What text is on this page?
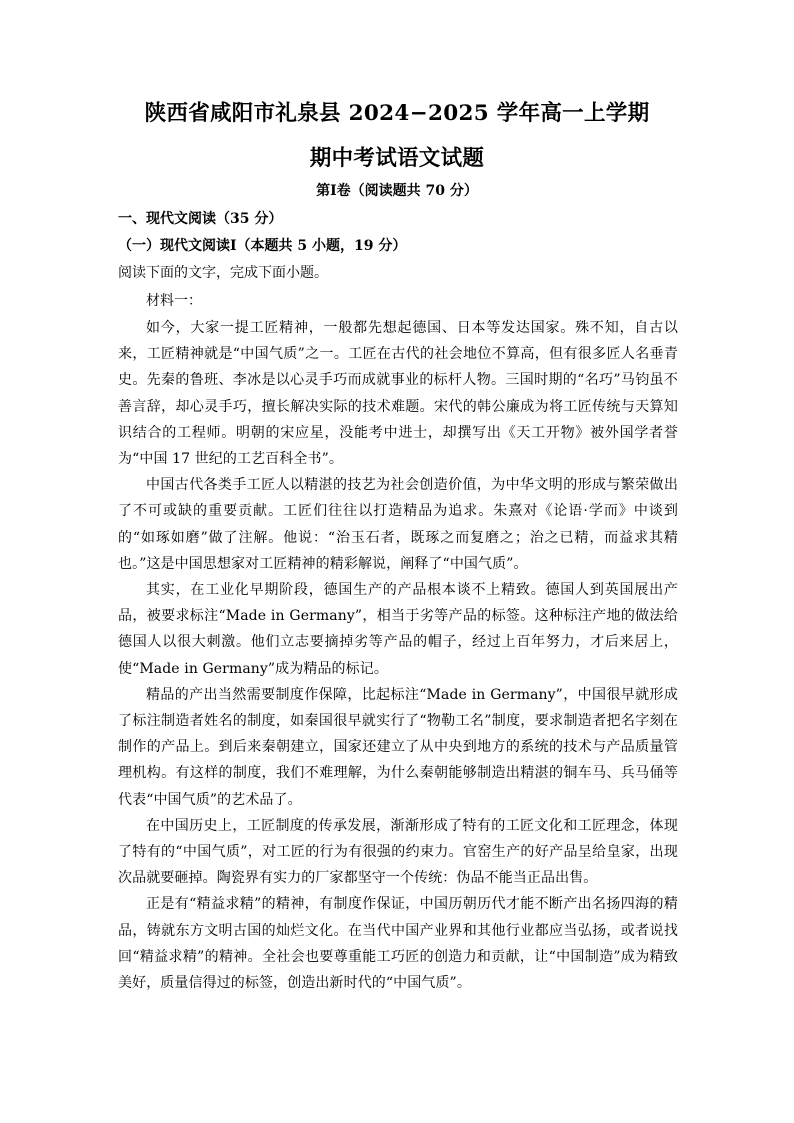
陕西省咸阳市礼泉县 2024−2025 学年高一上学期
期中考试语文试题
第Ⅰ卷（阅读题共 70 分）
一、现代文阅读（35 分）
（一）现代文阅读Ⅰ（本题共 5 小题，19 分）
阅读下面的文字，完成下面小题。
材料一：

如今，大家一提工匠精神，一般都先想起德国、日本等发达国家。殊不知，自古以来，工匠精神就是“中国气质”之一。工匠在古代的社会地位不算高，但有很多匠人名垂青史。先秦的鲁班、李冰是以心灵手巧而成就事业的标杆人物。三国时期的“名巧”马钧虽不善言辞，却心灵手巧，擅长解决实际的技术难题。宋代的韩公廉成为将工匠传统与天算知识结合的工程师。明朝的宋应星，没能考中进士，却撰写出《天工开物》被外国学者誉为“中国 17 世纪的工艺百科全书”。

中国古代各类手工匠人以精湛的技艺为社会创造价值，为中华文明的形成与繁荣做出了不可或缺的重要贡献。工匠们往往以打造精品为追求。朱熹对《论语·学而》中谈到的“如琢如磨”做了注解。他说：“治玉石者，既琢之而复磨之；治之已精，而益求其精也。”这是中国思想家对工匠精神的精彩解说，阐释了“中国气质”。

其实，在工业化早期阶段，德国生产的产品根本谈不上精致。德国人到英国展出产品，被要求标注“Made in Germany”，相当于劣等产品的标签。这种标注产地的做法给德国人以很大刺激。他们立志要摘掉劣等产品的帽子，经过上百年努力，才后来居上，使“Made in Germany”成为精品的标记。

精品的产出当然需要制度作保障，比起标注“Made in Germany”，中国很早就形成了标注制造者姓名的制度，如秦国很早就实行了“物勒工名”制度，要求制造者把名字刻在制作的产品上。到后来秦朝建立，国家还建立了从中央到地方的系统的技术与产品质量管理机构。有这样的制度，我们不难理解，为什么秦朝能够制造出精湛的铜车马、兵马俑等代表“中国气质”的艺术品了。

在中国历史上，工匠制度的传承发展，渐渐形成了特有的工匠文化和工匠理念，体现了特有的“中国气质”，对工匠的行为有很强的约束力。官窑生产的好产品呈给皇家，出现次品就要砸掉。陶瓷界有实力的厂家都坚守一个传统：伪品不能当正品出售。

正是有“精益求精”的精神，有制度作保证，中国历朝历代才能不断产出名扬四海的精品，铸就东方文明古国的灿烂文化。在当代中国产业界和其他行业都应当弘扬，或者说找回“精益求精”的精神。全社会也要尊重能工巧匠的创造力和贡献，让“中国制造”成为精致美好，质量信得过的标签，创造出新时代的“中国气质”。
